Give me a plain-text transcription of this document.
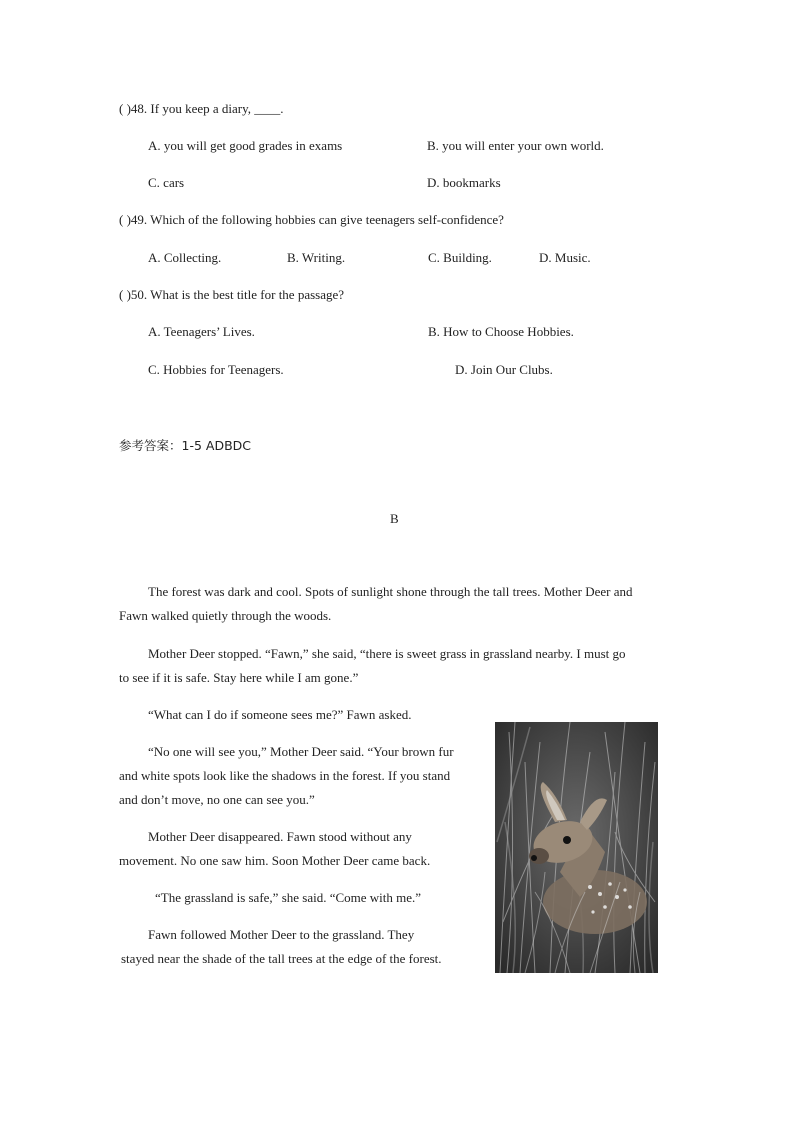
( )48. If you keep a diary, ____.
A. you will get good grades in exams	B. you will enter your own world.
C. cars	D. bookmarks
( )49. Which of the following hobbies can give teenagers self-confidence?
A. Collecting.	B. Writing.	C. Building.	D. Music.
( )50. What is the best title for the passage?
A. Teenagers’ Lives.	B. How to Choose Hobbies.
C. Hobbies for Teenagers.	D. Join Our Clubs.
参考答案：1-5 ADBDC
B
The forest was dark and cool. Spots of sunlight shone through the tall trees. Mother Deer and
Fawn walked quietly through the woods.
Mother Deer stopped. “Fawn,” she said, “there is sweet grass in grassland nearby. I must go
to see if it is safe. Stay here while I am gone.”
“What can I do if someone sees me?” Fawn asked.
“No one will see you,” Mother Deer said. “Your brown fur
and white spots look like the shadows in the forest. If you stand
and don’t move, no one can see you.”
Mother Deer disappeared. Fawn stood without any
movement. No one saw him. Soon Mother Deer came back.
“The grassland is safe,” she said. “Come with me.”
Fawn followed Mother Deer to the grassland. They
stayed near the shade of the tall trees at the edge of the forest.
